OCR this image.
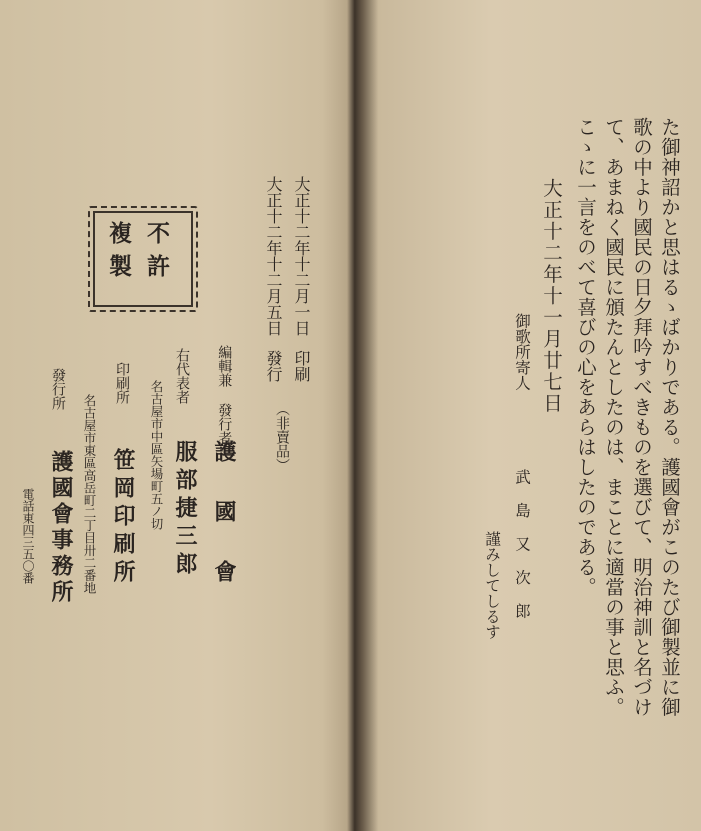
た御神詔かと思はるゝばかりである。護國會がこのたび御製並に御
歌の中より國民の日夕拜吟すべきものを選びて、明治神訓と名づけ
て、あまねく國民に頒たんとしたのは、まことに適當の事と思ふ。
こゝに一言をのべて喜びの心をあらはしたのである。
大正十二年十一月廿七日
御歌所寄人
武 島 又 次 郎
謹みしてしるす
不許
複製	大正十二年十二月一日
印刷
大正十二年十二月五日
發行
（非賣品）
編輯兼 發行者
護 國 會
右代表者
名古屋市中區矢場町五ノ切 服部捷三郎
印刷所
笹岡印刷所
發行所
名古屋市東區高岳町二丁目卅二番地
護國會事務所
電話東四三五〇番
